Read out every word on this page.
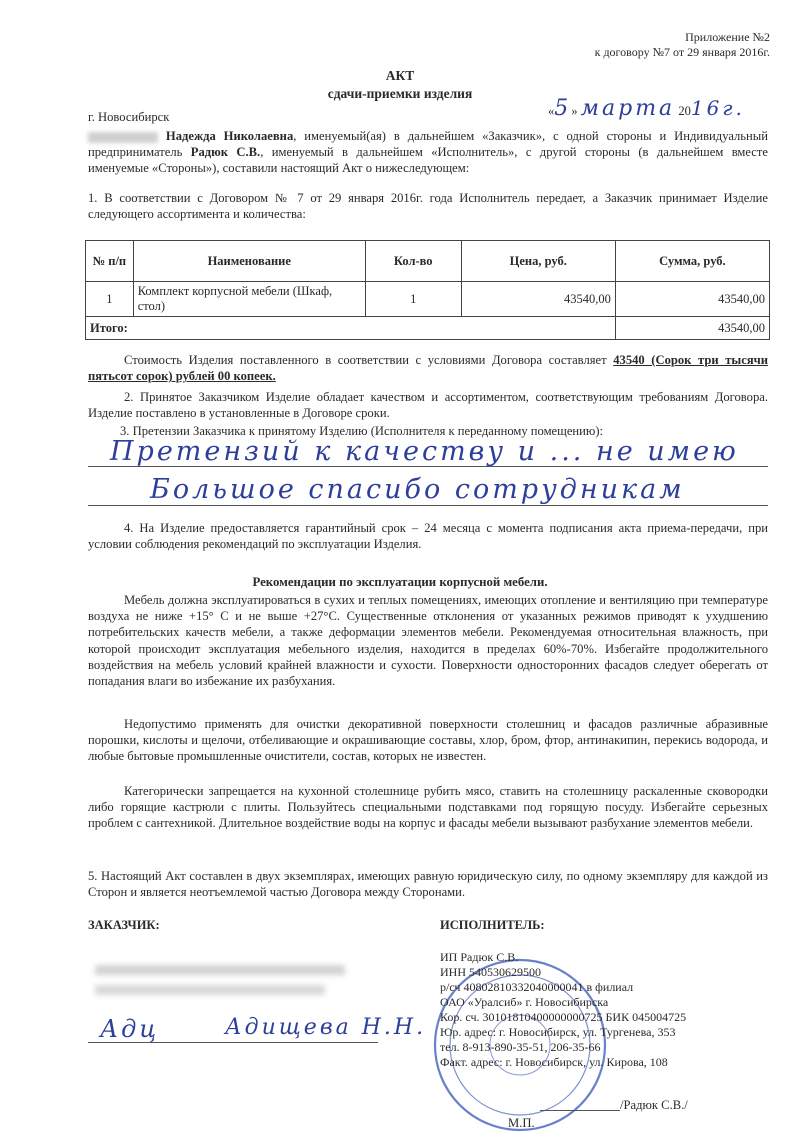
Приложение №2
к договору №7 от 29 января 2016г.
АКТ
сдачи-приемки изделия
г. Новосибирск	«5» марта 2016г.

Надежда Николаевна, именуемый(ая) в дальнейшем «Заказчик», с одной стороны и Индивидуальный предприниматель Радюк С.В., именуемый в дальнейшем «Исполнитель», с другой стороны (в дальнейшем вместе именуемые «Стороны»), составили настоящий Акт о нижеследующем:

1. В соответствии с Договором № 7 от 29 января 2016г. года Исполнитель передает, а Заказчик принимает Изделие следующего ассортимента и количества:
№ п/п	Наименование	Кол-во	Цена, руб.	Сумма, руб.
1	Комплект корпусной мебели (Шкаф, стол)	1	43540,00	43540,00
Итого:				43540,00

Стоимость Изделия поставленного в соответствии с условиями Договора составляет 43540 (Сорок три тысячи пятьсот сорок) рублей 00 копеек.

2. Принятое Заказчиком Изделие обладает качеством и ассортиментом, соответствующим требованиям Договора. Изделие поставлено в установленные в Договоре сроки.
3. Претензии Заказчика к принятому Изделию (Исполнителя к переданному помещению):
Претензий к качеству и ... не имею
Большое спасибо сотрудникам
4. На Изделие предоставляется гарантийный срок – 24 месяца с момента подписания акта приема-передачи, при условии соблюдения рекомендаций по эксплуатации Изделия.
Рекомендации по эксплуатации корпусной мебели.
Мебель должна эксплуатироваться в сухих и теплых помещениях, имеющих отопление и вентиляцию при температуре воздуха не ниже +15° С и не выше +27°С. Существенные отклонения от указанных режимов приводят к ухудшению потребительских качеств мебели, а также деформации элементов мебели. Рекомендуемая относительная влажность, при которой происходит эксплуатация мебельного изделия, находится в пределах 60%-70%. Избегайте продолжительного воздействия на мебель условий крайней влажности и сухости. Поверхности односторонних фасадов следует оберегать от попадания влаги во избежание их разбухания.
Недопустимо применять для очистки декоративной поверхности столешниц и фасадов различные абразивные порошки, кислоты и щелочи, отбеливающие и окрашивающие составы, хлор, бром, фтор, антинакипин, перекись водорода, и любые бытовые промышленные очистители, состав, которых не известен.
Категорически запрещается на кухонной столешнице рубить мясо, ставить на столешницу раскаленные сковородки либо горящие кастрюли с плиты. Пользуйтесь специальными подставками под горящую посуду. Избегайте серьезных проблем с сантехникой. Длительное воздействие воды на корпус и фасады мебели вызывают разбухание элементов мебели.
5. Настоящий Акт составлен в двух экземплярах, имеющих равную юридическую силу, по одному экземпляру для каждой из Сторон и является неотъемлемой частью Договора между Сторонами.
ЗАКАЗЧИК:	ИСПОЛНИТЕЛЬ:
Адц	Адищева Н.Н.
ИП Радюк С.В.
ИНН 540530629500
р/сч 40802810332040000041 в филиал
ОАО «Уралсиб» г. Новосибирска
Кор. сч. 30101810400000000725 БИК 045004725
Юр. адрес: г. Новосибирск, ул. Тургенева, 353
тел. 8-913-890-35-51, 206-35-66
Факт. адрес: г. Новосибирск, ул. Кирова, 108
/Радюк С.В./
М.П.
